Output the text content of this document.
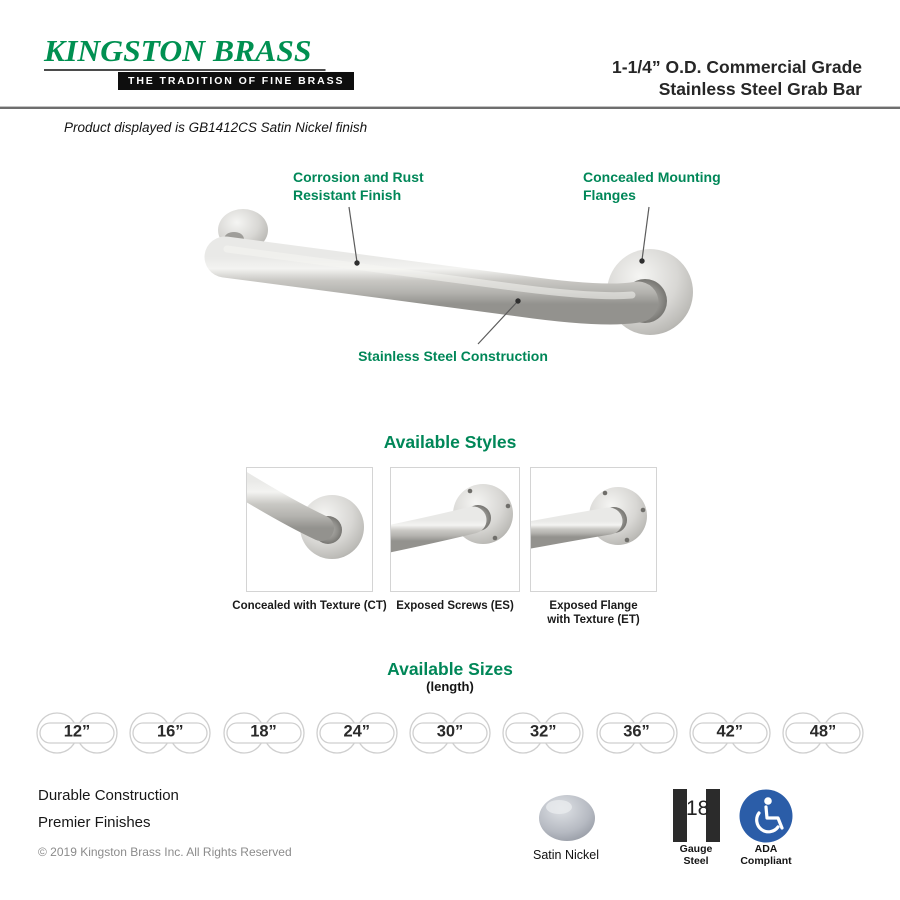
KINGSTON BRASS
THE TRADITION OF FINE BRASS
1-1/4” O.D. Commercial Grade
Stainless Steel Grab Bar
Product displayed is GB1412CS Satin Nickel finish
Corrosion and Rust
Resistant Finish
Concealed Mounting
Flanges
Stainless Steel Construction
Available Styles
Concealed with Texture (CT) Exposed Screws (ES)	Exposed Flange with Texture (ET)
Available Sizes
(length)
12”	16”	18”	24”	30”	32”	36”	42”	48”
Durable Construction
Premier Finishes
© 2019 Kingston Brass Inc. All Rights Reserved	Satin Nickel
18
Gauge
Steel
ADA
Compliant
